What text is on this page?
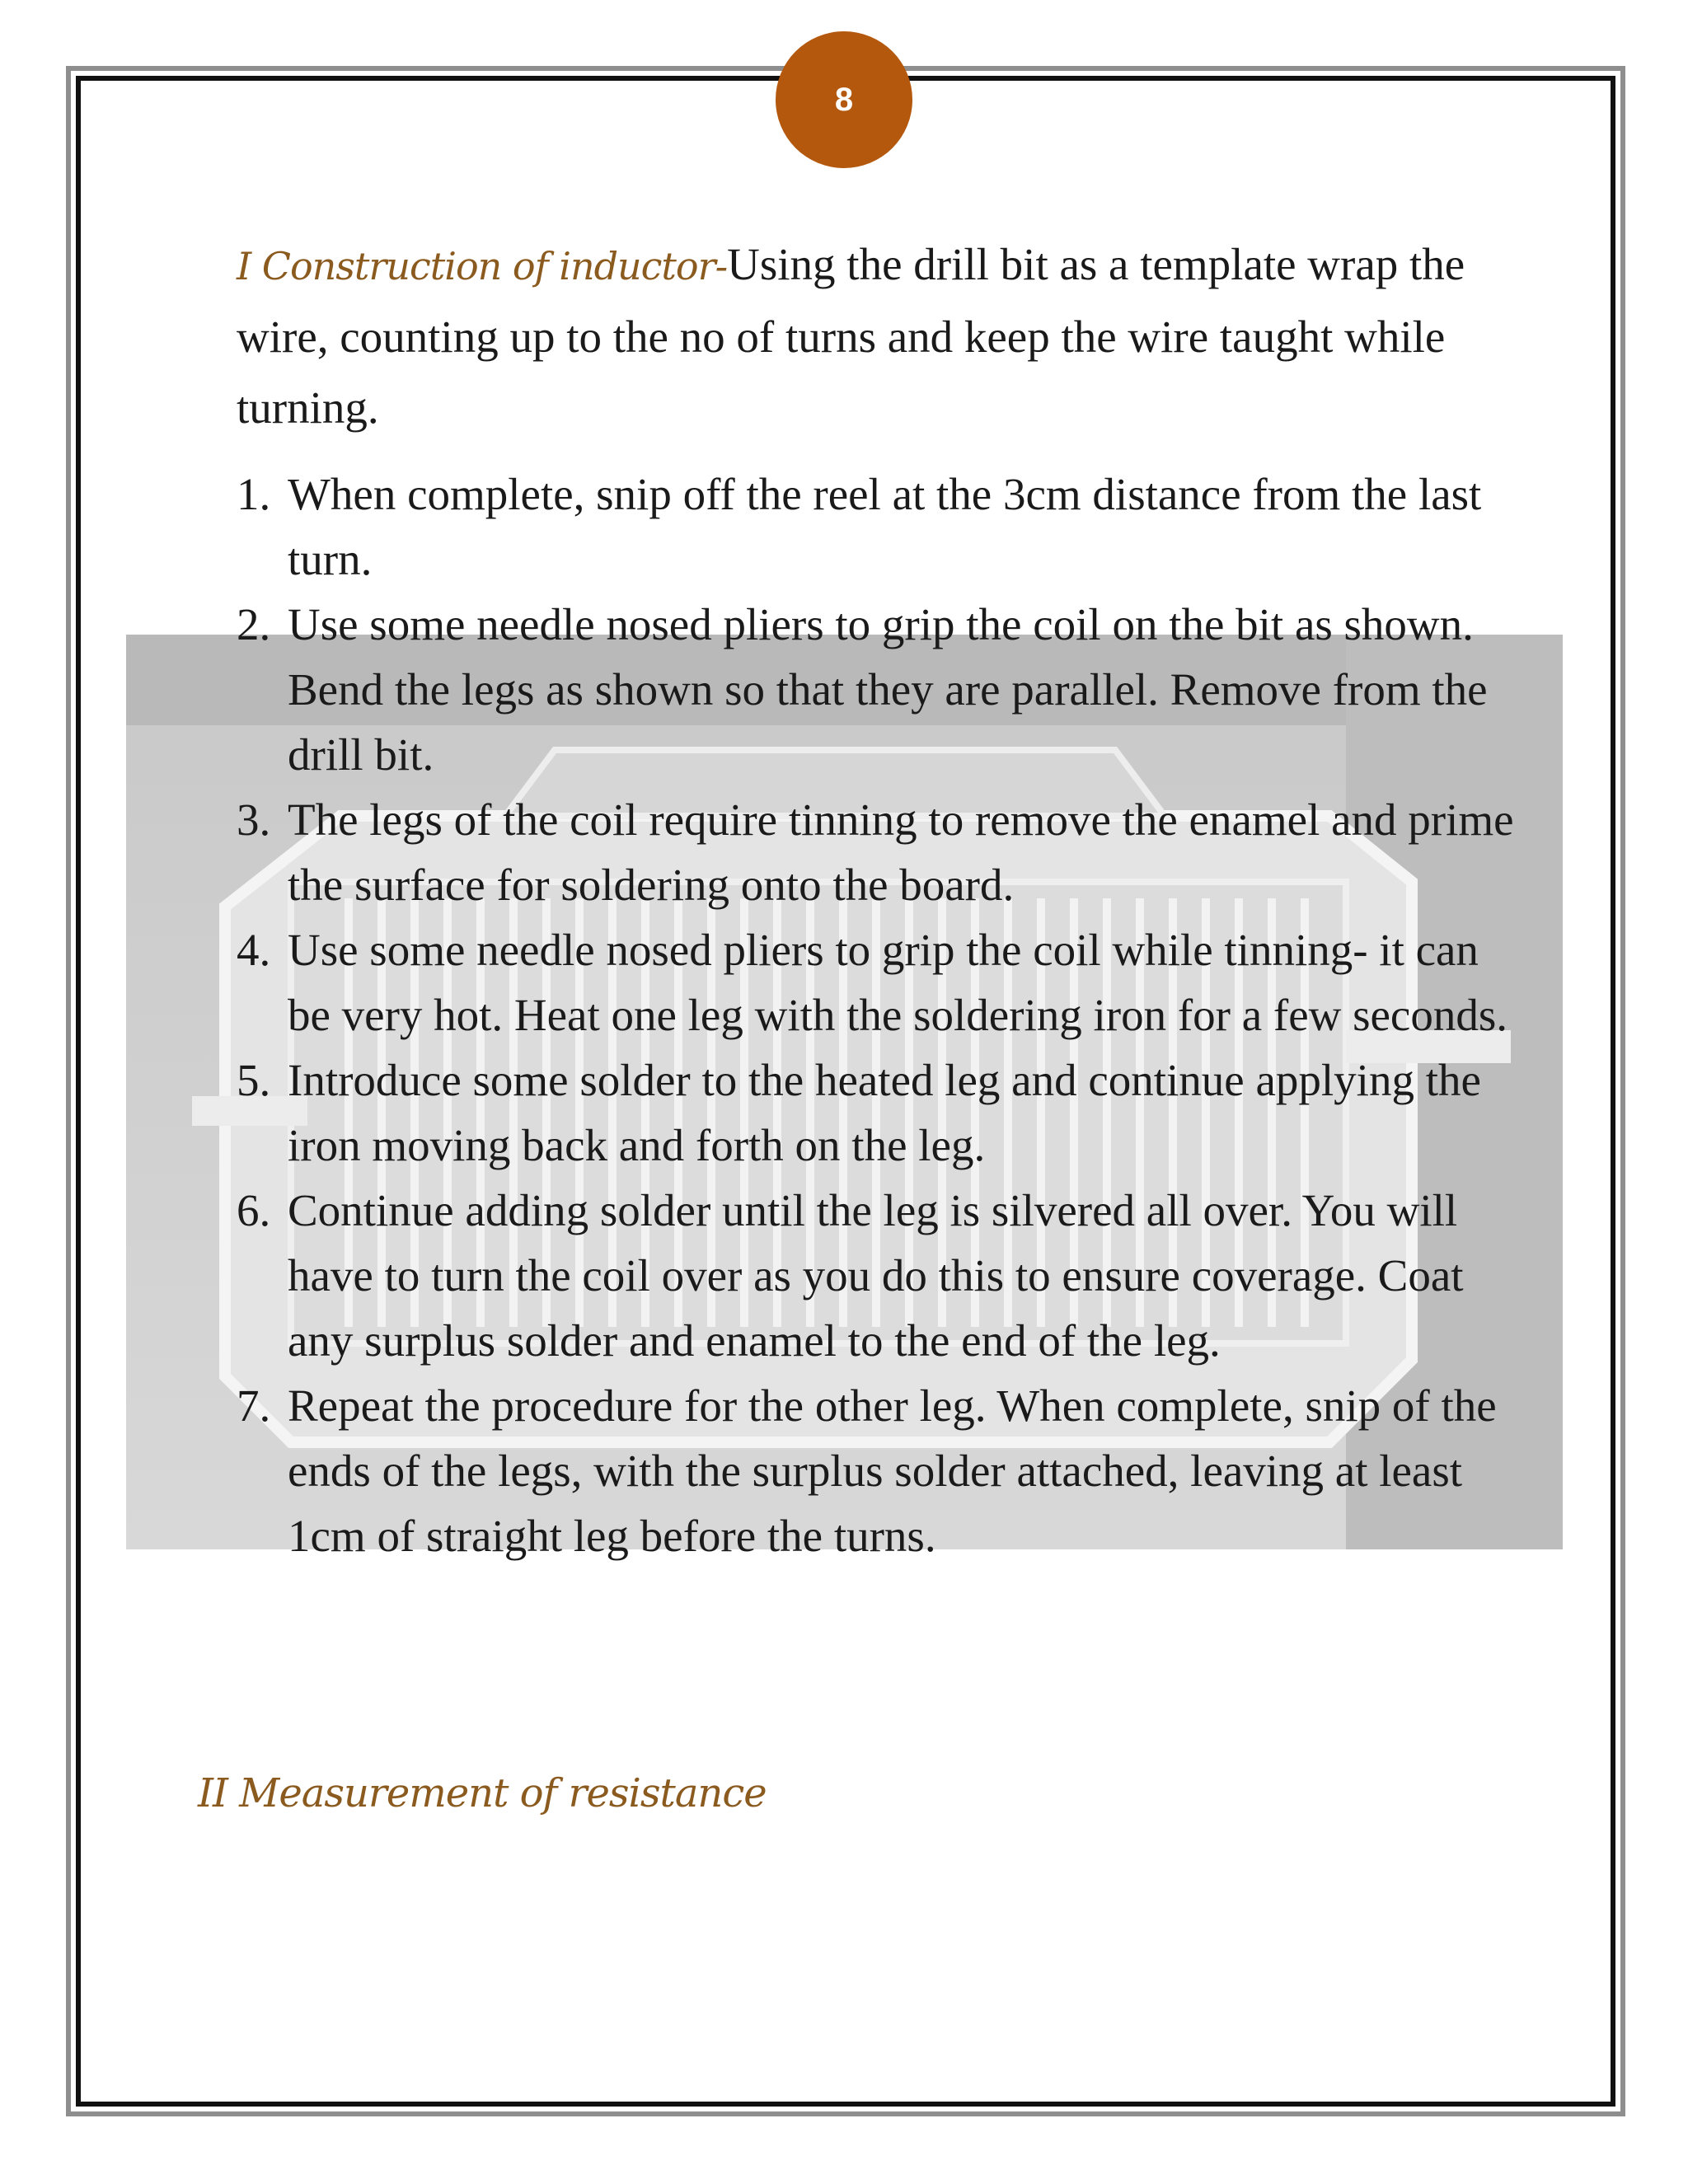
8

I Construction of inductor-Using the drill bit as a template wrap the wire, counting up to the no of turns and keep the wire taught while turning.

1. When complete, snip off the reel at the 3cm distance from the last turn.
2. Use some needle nosed pliers to grip the coil on the bit as shown. Bend the legs as shown so that they are parallel. Remove from the drill bit.
3. The legs of the coil require tinning to remove the enamel and prime the surface for soldering onto the board.
4. Use some needle nosed pliers to grip the coil while tinning- it can be very hot. Heat one leg with the soldering iron for a few seconds.
5. Introduce some solder to the heated leg and continue applying the iron moving back and forth on the leg.
6. Continue adding solder until the leg is silvered all over. You will have to turn the coil over as you do this to ensure coverage. Coat any surplus solder and enamel to the end of the leg.
7. Repeat the procedure for the other leg. When complete, snip of the ends of the legs, with the surplus solder attached, leaving at least 1cm of straight leg before the turns.
II Measurement of resistance
